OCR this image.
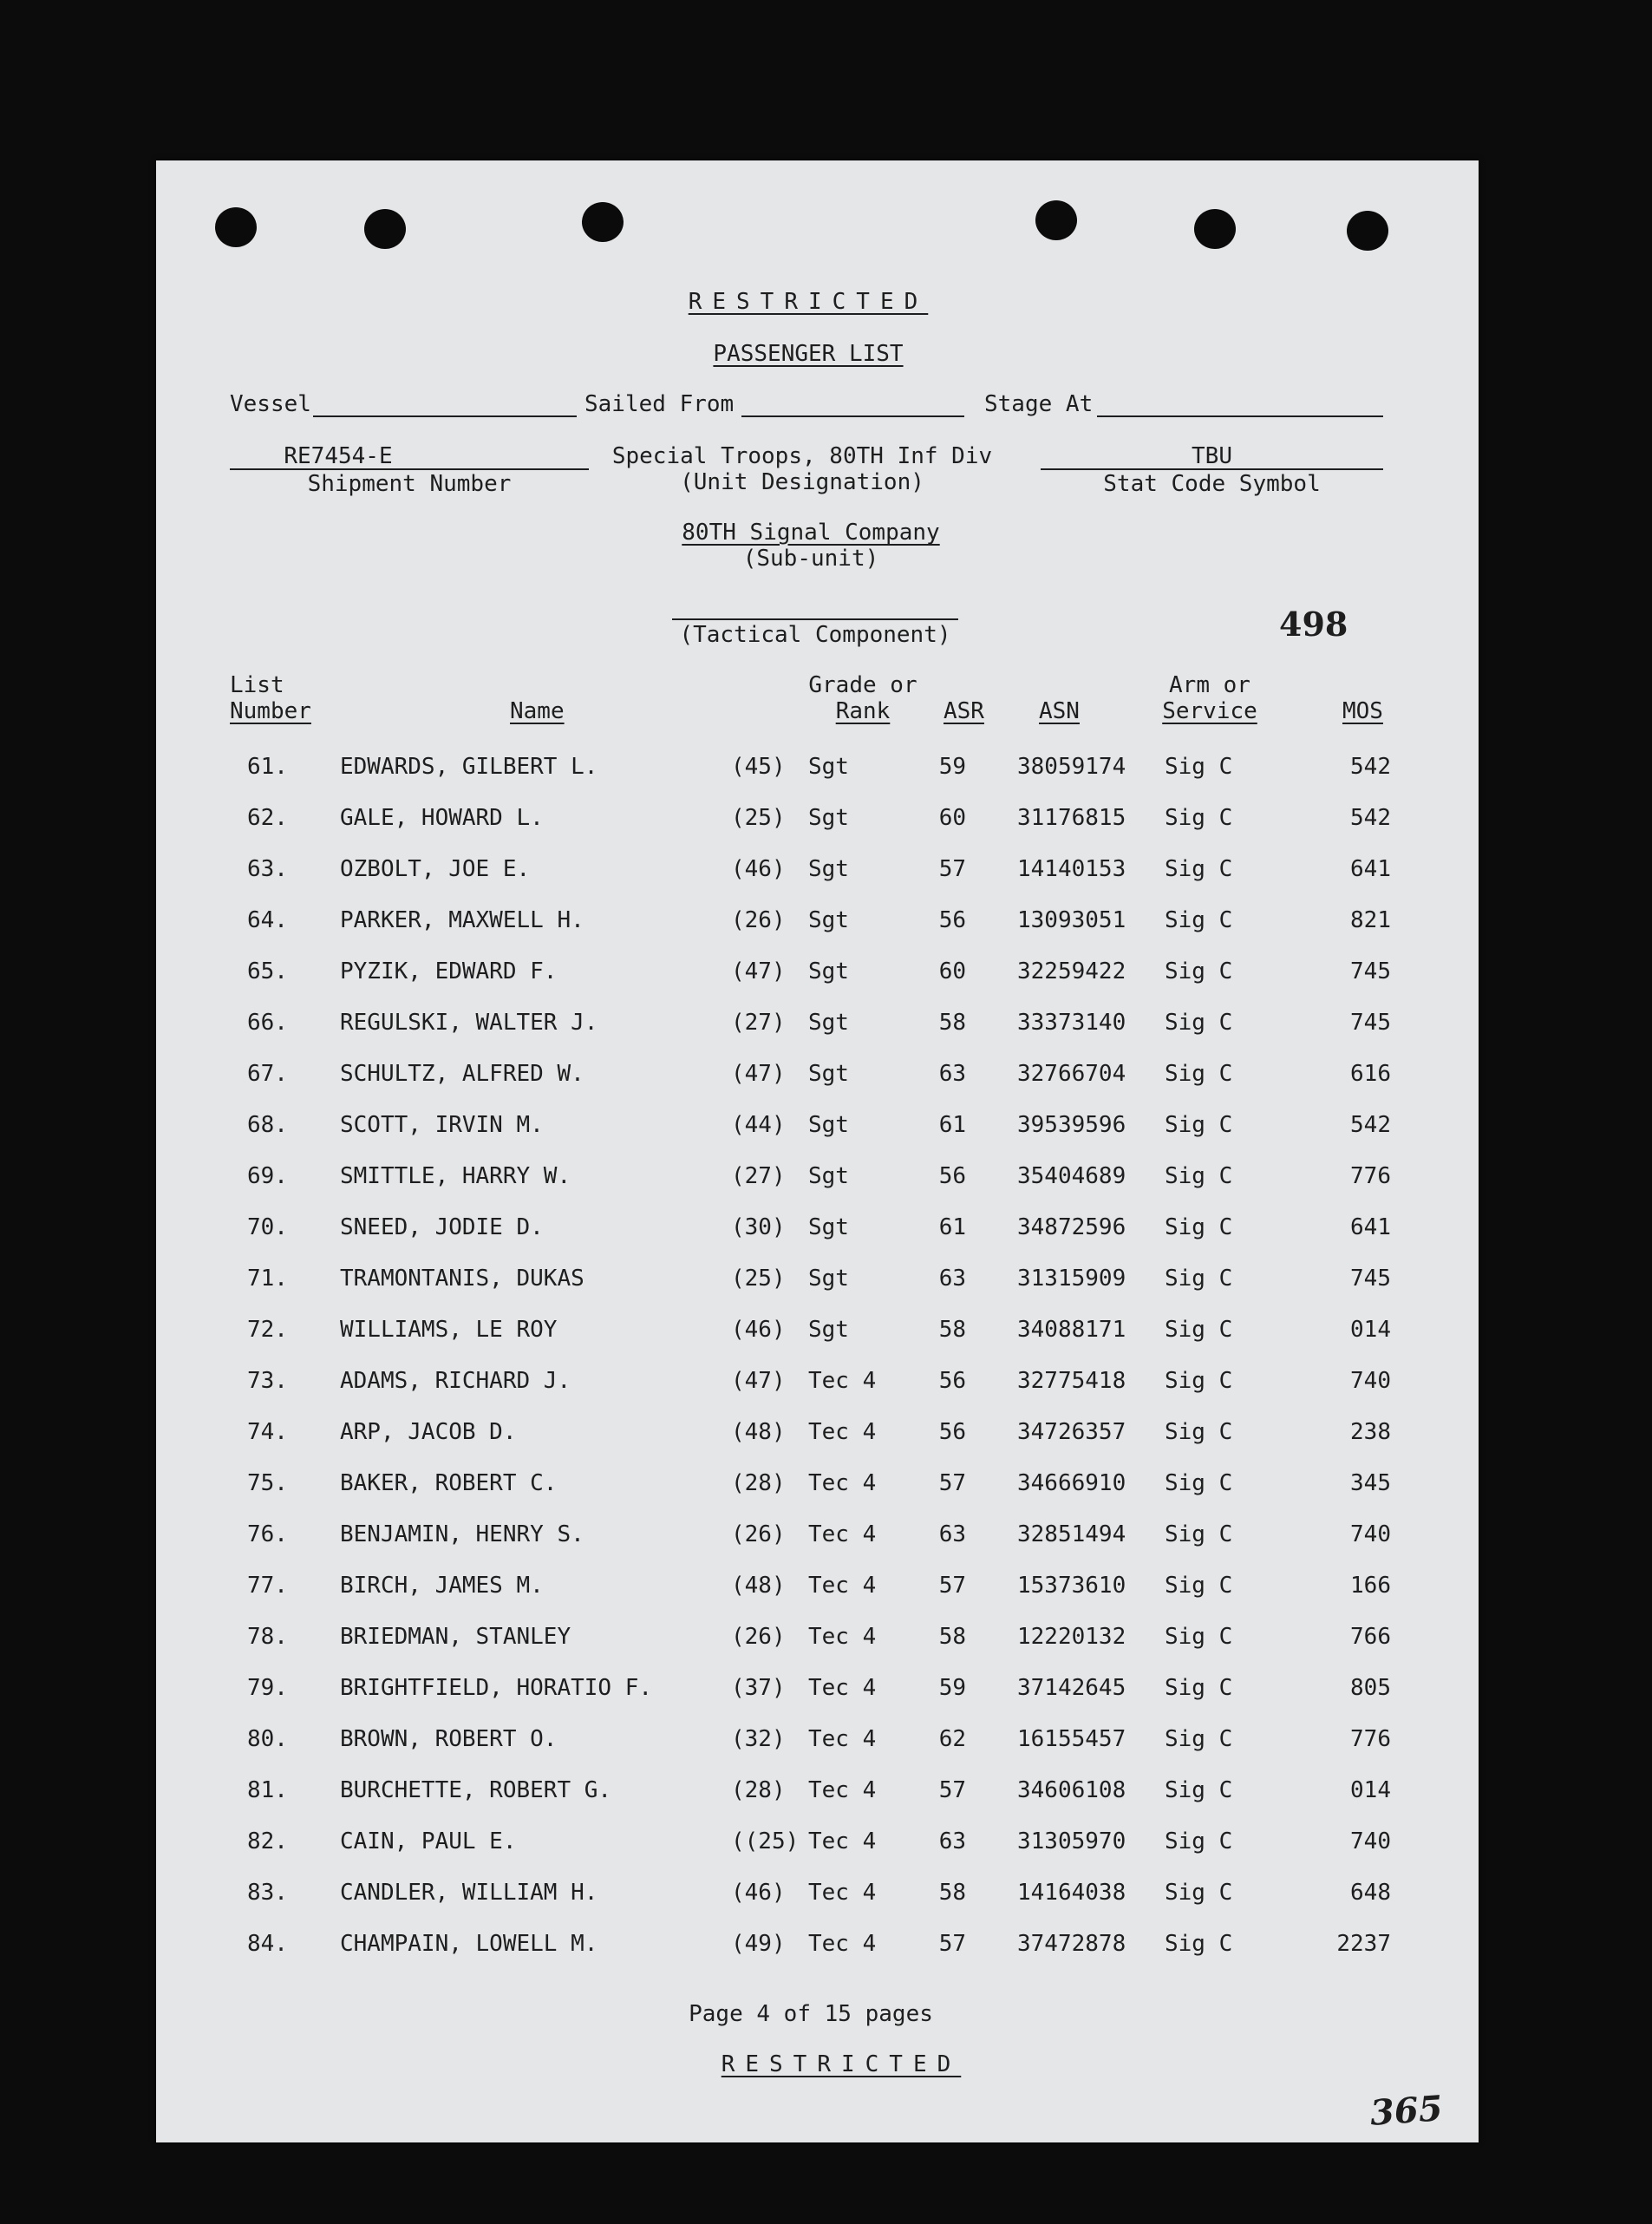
RESTRICTED
PASSENGER LIST
Vessel	Sailed From	Stage At
RE7454-E
Shipment Number
Special Troops, 80TH Inf Div
(Unit Designation)
TBU
Stat Code Symbol
80TH Signal Company
(Sub-unit)
(Tactical Component)	498
List
Number	Name
Grade or
Rank	ASR ASN
Arm or
Service	MOS
61. EDWARDS, GILBERT L.	(45) Sgt	59 38059174 Sig C	542
62. GALE, HOWARD L.	(25) Sgt	60 31176815 Sig C	542
63. OZBOLT, JOE E.	(46) Sgt	57 14140153 Sig C	641
64. PARKER, MAXWELL H.	(26) Sgt	56 13093051 Sig C	821
65. PYZIK, EDWARD F.	(47) Sgt	60 32259422 Sig C	745
66. REGULSKI, WALTER J.	(27) Sgt	58 33373140 Sig C	745
67. SCHULTZ, ALFRED W.	(47) Sgt	63 32766704 Sig C	616
68. SCOTT, IRVIN M.	(44) Sgt	61 39539596 Sig C	542
69. SMITTLE, HARRY W.	(27) Sgt	56 35404689 Sig C	776
70. SNEED, JODIE D.	(30) Sgt	61 34872596 Sig C	641
71. TRAMONTANIS, DUKAS	(25) Sgt	63 31315909 Sig C	745
72. WILLIAMS, LE ROY	(46) Sgt	58 34088171 Sig C	014
73. ADAMS, RICHARD J.	(47) Tec 4	56 32775418 Sig C	740
74. ARP, JACOB D.	(48) Tec 4	56 34726357 Sig C	238
75. BAKER, ROBERT C.	(28) Tec 4	57 34666910 Sig C	345
76. BENJAMIN, HENRY S.	(26) Tec 4	63 32851494 Sig C	740
77. BIRCH, JAMES M.	(48) Tec 4	57 15373610 Sig C	166
78. BRIEDMAN, STANLEY	(26) Tec 4	58 12220132 Sig C	766
79. BRIGHTFIELD, HORATIO F.	(37) Tec 4	59 37142645 Sig C	805
80. BROWN, ROBERT O.	(32) Tec 4	62 16155457 Sig C	776
81. BURCHETTE, ROBERT G.	(28) Tec 4	57 34606108 Sig C	014
82. CAIN, PAUL E.	((25) Tec 4	63 31305970 Sig C	740
83. CANDLER, WILLIAM H.	(46) Tec 4	58 14164038 Sig C	648
84. CHAMPAIN, LOWELL M.	(49) Tec 4	57 37472878 Sig C	2237
Page 4 of 15 pages
RESTRICTED
365
